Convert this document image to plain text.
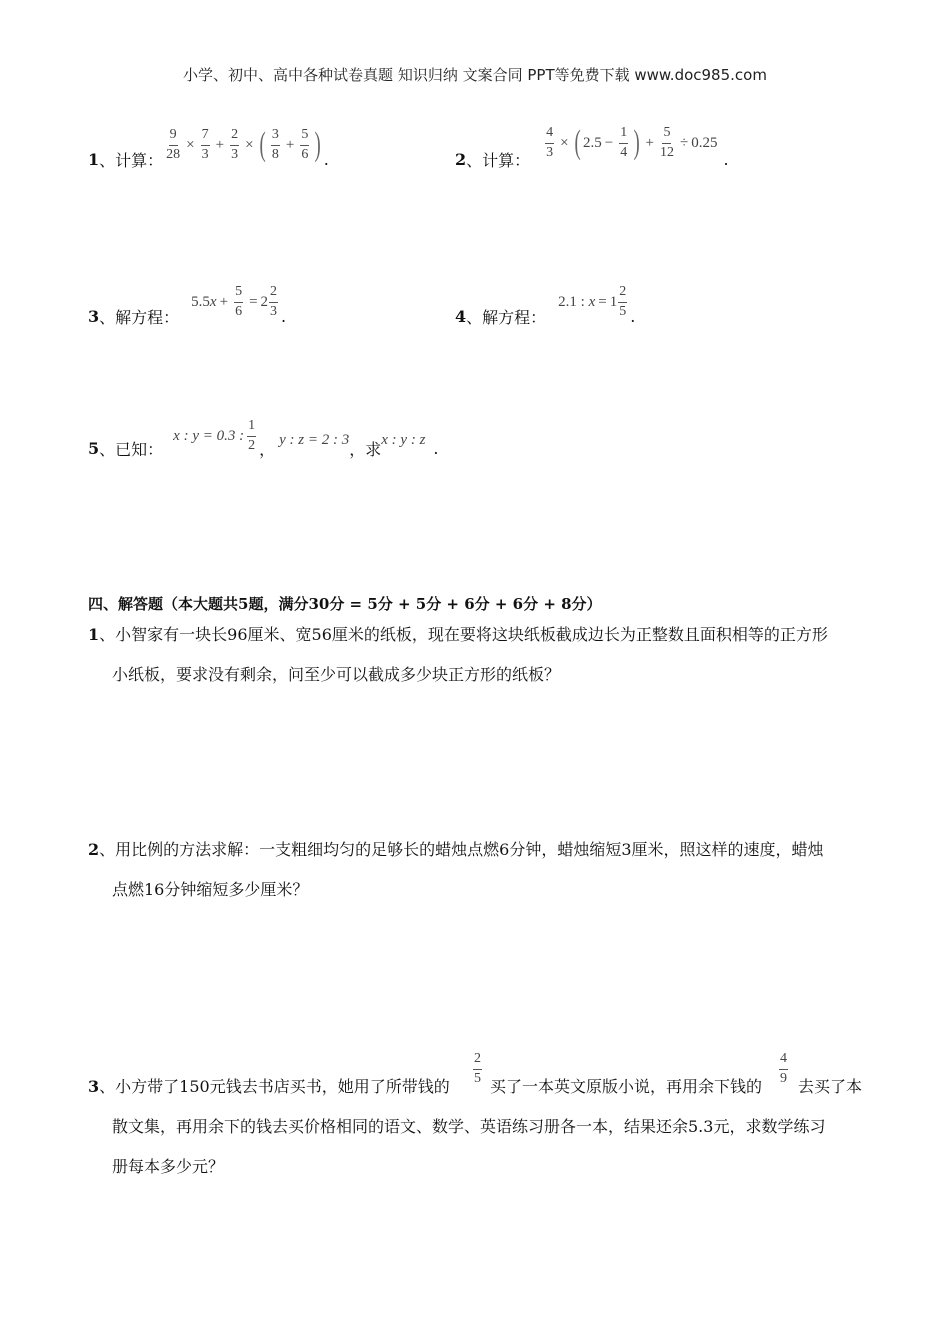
小学、初中、高中各种试卷真题 知识归纳 文案合同 PPT等免费下载 www.doc985.com
1 、 计算： $\frac{9}{28} \times \frac{7}{3} + \frac{2}{3}$ × ( $\frac{3}{8} + \frac{5}{6}$ ) .	2 、 计算： $\frac{4}{3}$ × ( $2.5 - \frac{1}{4}$ ) + $\frac{5}{12} \div 0.25$
.
3 、 解方程：
5.5 $x + \frac{5}{6} = 2 \frac{2}{3}$ .	4 、 解方程：
2.1 :
$x = 1 \frac{2}{5}$ .
5 、 已知：
x : y = 0.3 : $\frac{1}{2}$ ， y : z = 2 : 3 ， 求 x : y : z .
四、解答题（本大题共5题，满分30分 = 5分 + 5分 + 6分 + 6分 + 8分）
1、小智家有一块长96厘米、宽56厘米的纸板，现在要将这块纸板截成边长为正整数且面积相等的正方形
小纸板，要求没有剩余，问至少可以截成多少块正方形的纸板？
2、用比例的方法求解：一支粗细均匀的足够长的蜡烛点燃6分钟，蜡烛缩短3厘米，照这样的速度，蜡烛
点燃16分钟缩短多少厘米？
3、小方带了150元钱去书店买书，她用了所带钱的
$\frac{2}{5}$
买了一本英文原版小说，再用余下钱的
$\frac{4}{9}$
去买了本
散文集，再用余下的钱去买价格相同的语文、数学、英语练习册各一本，结果还余5.3元，求数学练习
册每本多少元？
